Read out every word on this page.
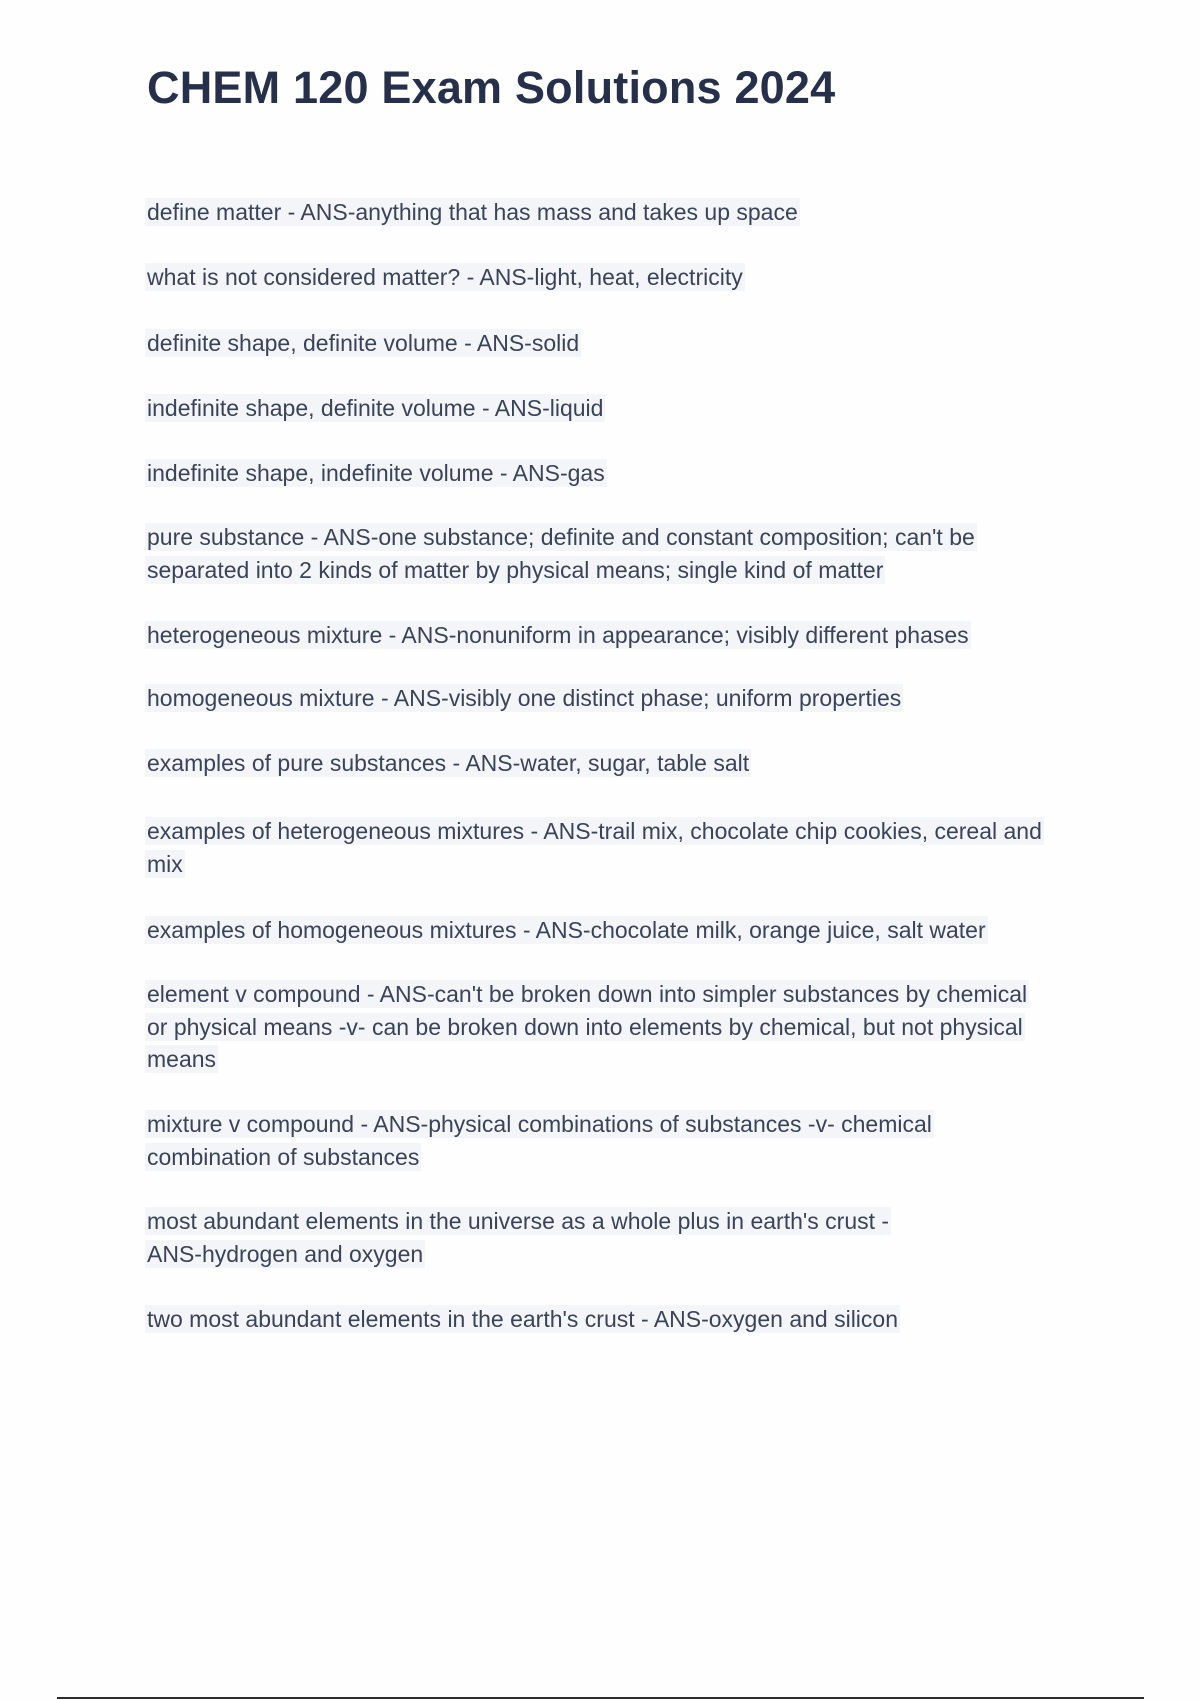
CHEM 120 Exam Solutions 2024

define matter - ANS-anything that has mass and takes up space

what is not considered matter? - ANS-light, heat, electricity

definite shape, definite volume - ANS-solid

indefinite shape, definite volume - ANS-liquid

indefinite shape, indefinite volume - ANS-gas

pure substance - ANS-one substance; definite and constant composition; can't be
separated into 2 kinds of matter by physical means; single kind of matter

heterogeneous mixture - ANS-nonuniform in appearance; visibly different phases

homogeneous mixture - ANS-visibly one distinct phase; uniform properties

examples of pure substances - ANS-water, sugar, table salt

examples of heterogeneous mixtures - ANS-trail mix, chocolate chip cookies, cereal and
mix

examples of homogeneous mixtures - ANS-chocolate milk, orange juice, salt water

element v compound - ANS-can't be broken down into simpler substances by chemical
or physical means -v- can be broken down into elements by chemical, but not physical
means

mixture v compound - ANS-physical combinations of substances -v- chemical
combination of substances

most abundant elements in the universe as a whole plus in earth's crust -
ANS-hydrogen and oxygen

two most abundant elements in the earth's crust - ANS-oxygen and silicon
